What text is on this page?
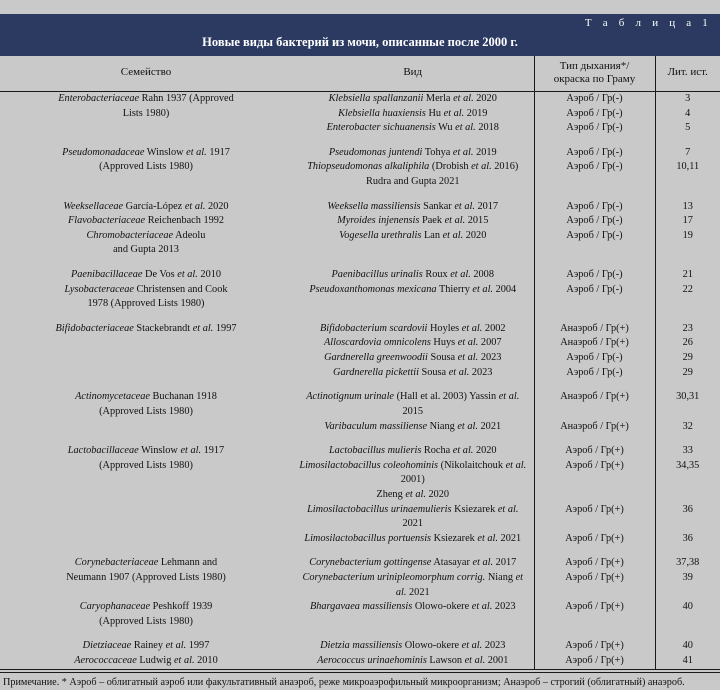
Т а б л и ц а 1
Новые виды бактерий из мочи, описанные после 2000 г.
Семейство	Вид	Тип дыхания*/
окраска по Граму	Лит. ист.
Enterobacteriaceae Rahn 1937 (Approved
Lists 1980)	Klebsiella spallanzanii Merla et al. 2020	Аэроб / Гр(-)	3
	Klebsiella huaxiensis Hu et al. 2019	Аэроб / Гр(-)	4
	Enterobacter sichuanensis Wu et al. 2018	Аэроб / Гр(-)	5

Pseudomonadaceae Winslow et al. 1917
(Approved Lists 1980)	Pseudomonas juntendi Tohya et al. 2019	Аэроб / Гр(-)	7
	Thiopseudomonas alkaliphila (Drobish et al. 2016)
Rudra and Gupta 2021	Аэроб / Гр(-)	10,11

Weeksellaceae García-López et al. 2020	Weeksella massiliensis Sankar et al. 2017	Аэроб / Гр(-)	13
Flavobacteriaceae Reichenbach 1992	Myroides injenensis Paek et al. 2015	Аэроб / Гр(-)	17
Chromobacteriaceae Adeolu
and Gupta 2013	Vogesella urethralis Lan et al. 2020	Аэроб / Гр(-)	19

Paenibacillaceae De Vos et al. 2010	Paenibacillus urinalis Roux et al. 2008	Аэроб / Гр(-)	21
Lysobacteraceae Christensen and Cook
1978 (Approved Lists 1980)	Pseudoxanthomonas mexicana Thierry et al. 2004	Аэроб / Гр(-)	22

Bifidobacteriaceae Stackebrandt et al. 1997	Bifidobacterium scardovii Hoyles et al. 2002	Анаэроб / Гр(+)	23
	Alloscardovia omnicolens Huys et al. 2007	Анаэроб / Гр(+)	26
	Gardnerella greenwoodii Sousa et al. 2023	Аэроб / Гр(-)	29
	Gardnerella pickettii Sousa et al. 2023	Аэроб / Гр(-)	29

Actinomycetaceae Buchanan 1918
(Approved Lists 1980)	Actinotignum urinale (Hall et al. 2003) Yassin et al. 2015	Анаэроб / Гр(+)	30,31
	Varibaculum massiliense Niang et al. 2021	Анаэроб / Гр(+)	32

Lactobacillaceae Winslow et al. 1917
(Approved Lists 1980)	Lactobacillus mulieris Rocha et al. 2020	Аэроб / Гр(+)	33
	Limosilactobacillus coleohominis (Nikolaitchouk et al. 2001)
Zheng et al. 2020	Аэроб / Гр(+)	34,35
	Limosilactobacillus urinaemulieris Ksiezarek et al. 2021	Аэроб / Гр(+)	36
	Limosilactobacillus portuensis Ksiezarek et al. 2021	Аэроб / Гр(+)	36

Corynebacteriaceae Lehmann and
Neumann 1907 (Approved Lists 1980)	Corynebacterium gottingense Atasayar et al. 2017	Аэроб / Гр(+)	37,38
	Corynebacterium urinipleomorphum corrig. Niang et al. 2021	Аэроб / Гр(+)	39
Caryophanaceae Peshkoff 1939
(Approved Lists 1980)	Bhargavaea massiliensis Olowo-okere et al. 2023	Аэроб / Гр(+)	40

Dietziaceae Rainey et al. 1997	Dietzia massiliensis Olowo-okere et al. 2023	Аэроб / Гр(+)	40
Aerococcaceae Ludwig et al. 2010	Aerococcus urinaehominis Lawson et al. 2001	Аэроб / Гр(+)	41
Примечание. * Аэроб – облигатный аэроб или факультативный анаэроб, реже микроаэрофильный микроорганизм; Анаэроб – строгий (облигатный) анаэроб.
